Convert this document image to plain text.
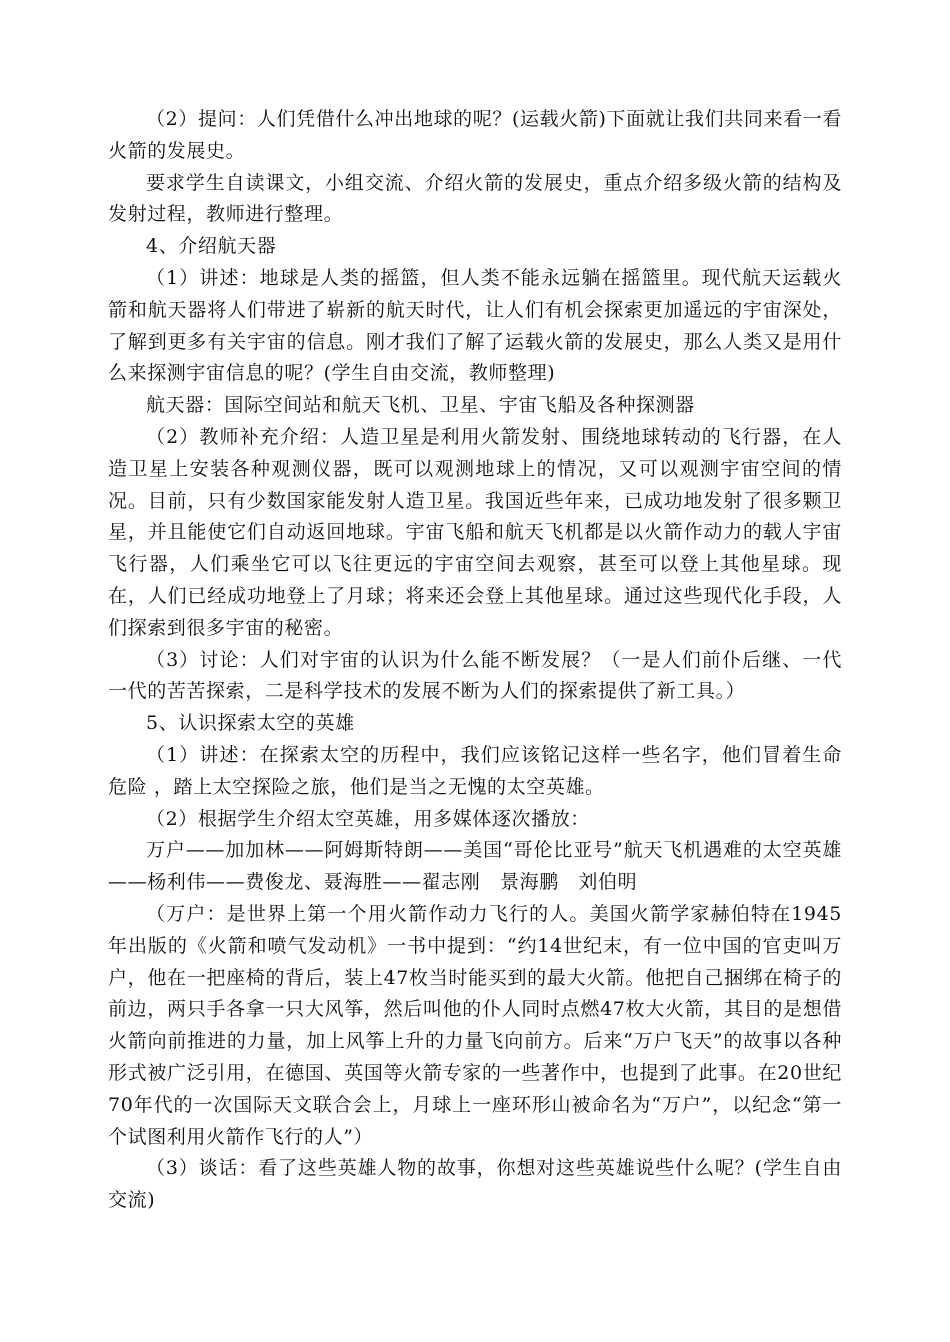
（2）提问：人们凭借什么冲出地球的呢？(运载火箭)下面就让我们共同来看一看火箭的发展史。

要求学生自读课文，小组交流、介绍火箭的发展史，重点介绍多级火箭的结构及发射过程，教师进行整理。

4、介绍航天器

（1）讲述：地球是人类的摇篮，但人类不能永远躺在摇篮里。现代航天运载火箭和航天器将人们带进了崭新的航天时代，让人们有机会探索更加遥远的宇宙深处，了解到更多有关宇宙的信息。刚才我们了解了运载火箭的发展史，那么人类又是用什么来探测宇宙信息的呢？(学生自由交流，教师整理)

航天器：国际空间站和航天飞机、卫星、宇宙飞船及各种探测器

（2）教师补充介绍：人造卫星是利用火箭发射、围绕地球转动的飞行器，在人造卫星上安装各种观测仪器，既可以观测地球上的情况，又可以观测宇宙空间的情况。目前，只有少数国家能发射人造卫星。我国近些年来，已成功地发射了很多颗卫星，并且能使它们自动返回地球。宇宙飞船和航天飞机都是以火箭作动力的载人宇宙飞行器，人们乘坐它可以飞往更远的宇宙空间去观察，甚至可以登上其他星球。现在，人们已经成功地登上了月球；将来还会登上其他星球。通过这些现代化手段，人们探索到很多宇宙的秘密。

（3）讨论：人们对宇宙的认识为什么能不断发展？（一是人们前仆后继、一代一代的苦苦探索，二是科学技术的发展不断为人们的探索提供了新工具。）

5、认识探索太空的英雄

（1）讲述：在探索太空的历程中，我们应该铭记这样一些名字，他们冒着生命危险 ，踏上太空探险之旅，他们是当之无愧的太空英雄。

（2）根据学生介绍太空英雄，用多媒体逐次播放：

万户——加加林——阿姆斯特朗——美国“哥伦比亚号”航天飞机遇难的太空英雄——杨利伟——费俊龙、聂海胜——翟志刚　景海鹏　刘伯明

（万户：是世界上第一个用火箭作动力飞行的人。美国火箭学家赫伯特在1945年出版的《火箭和喷气发动机》一书中提到：“约14世纪末，有一位中国的官吏叫万户，他在一把座椅的背后，装上47枚当时能买到的最大火箭。他把自己捆绑在椅子的前边，两只手各拿一只大风筝，然后叫他的仆人同时点燃47枚大火箭，其目的是想借火箭向前推进的力量，加上风筝上升的力量飞向前方。后来“万户飞天”的故事以各种形式被广泛引用，在德国、英国等火箭专家的一些著作中，也提到了此事。在20世纪70年代的一次国际天文联合会上，月球上一座环形山被命名为“万户”，以纪念“第一个试图利用火箭作飞行的人”）

（3）谈话：看了这些英雄人物的故事，你想对这些英雄说些什么呢？(学生自由交流)
